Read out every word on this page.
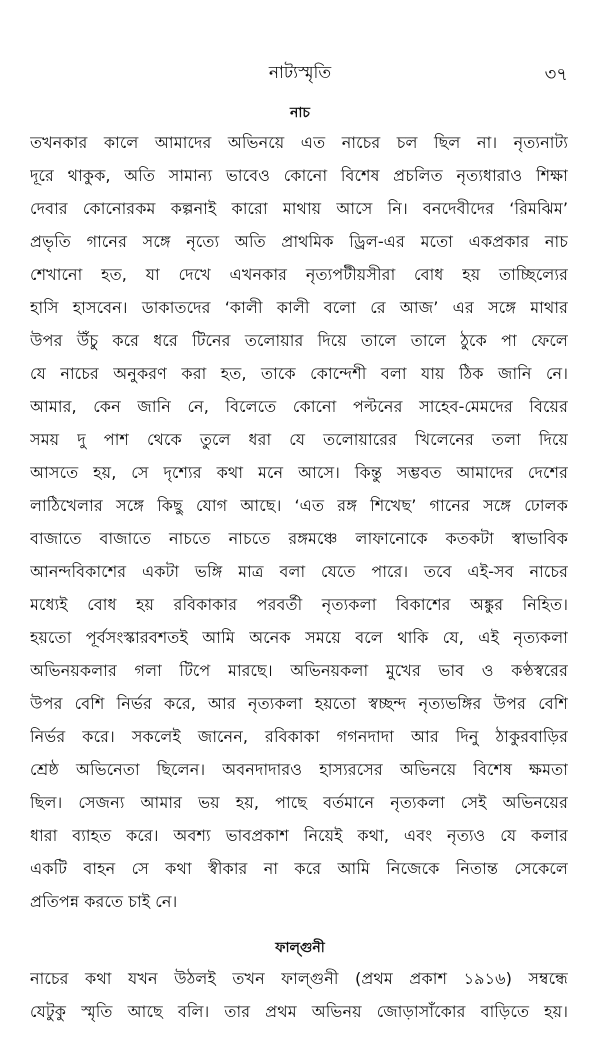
নাট্যস্মৃতি	৩৭
নাচ
তখনকার কালে আমাদের অভিনয়ে এত নাচের চল ছিল না। নৃত্যনাট্য
দূরে থাকুক, অতি সামান্য ভাবেও কোনো বিশেষ প্রচলিত নৃত্যধারাও শিক্ষা
দেবার কোনোরকম কল্পনাই কারো মাথায় আসে নি। বনদেবীদের ‘রিমঝিম’
প্রভৃতি গানের সঙ্গে নৃত্যে অতি প্রাথমিক ড্রিল-এর মতো একপ্রকার নাচ
শেখানো হত, যা দেখে এখনকার নৃত্যপটীয়সীরা বোধ হয় তাচ্ছিল্যের
হাসি হাসবেন। ডাকাতদের ‘কালী কালী বলো রে আজ’ এর সঙ্গে মাথার
উপর উঁচু করে ধরে টিনের তলোয়ার দিয়ে তালে তালে ঠুকে পা ফেলে
যে নাচের অনুকরণ করা হত, তাকে কোন্দেশী বলা যায় ঠিক জানি নে।
আমার, কেন জানি নে, বিলেতে কোনো পল্টনের সাহেব-মেমদের বিয়ের
সময় দু পাশ থেকে তুলে ধরা যে তলোয়ারের খিলেনের তলা দিয়ে
আসতে হয়, সে দৃশ্যের কথা মনে আসে। কিন্তু সম্ভবত আমাদের দেশের
লাঠিখেলার সঙ্গে কিছু যোগ আছে। ‘এত রঙ্গ শিখেছ’ গানের সঙ্গে ঢোলক
বাজাতে বাজাতে নাচতে নাচতে রঙ্গমঞ্চে লাফানোকে কতকটা স্বাভাবিক
আনন্দবিকাশের একটা ভঙ্গি মাত্র বলা যেতে পারে। তবে এই-সব নাচের
মধ্যেই বোধ হয় রবিকাকার পরবর্তী নৃত্যকলা বিকাশের অঙ্কুর নিহিত।
হয়তো পূর্বসংস্কারবশতই আমি অনেক সময়ে বলে থাকি যে, এই নৃত্যকলা
অভিনয়কলার গলা টিপে মারছে। অভিনয়কলা মুখের ভাব ও কণ্ঠস্বরের
উপর বেশি নির্ভর করে, আর নৃত্যকলা হয়তো স্বচ্ছন্দ নৃত্যভঙ্গির উপর বেশি
নির্ভর করে। সকলেই জানেন, রবিকাকা গগনদাদা আর দিনু ঠাকুরবাড়ির
শ্রেষ্ঠ অভিনেতা ছিলেন। অবনদাদারও হাস্যরসের অভিনয়ে বিশেষ ক্ষমতা
ছিল। সেজন্য আমার ভয় হয়, পাছে বর্তমানে নৃত্যকলা সেই অভিনয়ের
ধারা ব্যাহত করে। অবশ্য ভাবপ্রকাশ নিয়েই কথা, এবং নৃত্যও যে কলার
একটি বাহন সে কথা স্বীকার না করে আমি নিজেকে নিতান্ত সেকেলে
প্রতিপন্ন করতে চাই নে।
ফাল্গুনী
নাচের কথা যখন উঠলই তখন ফাল্গুনী (প্রথম প্রকাশ ১৯১৬) সম্বন্ধে
যেটুকু স্মৃতি আছে বলি। তার প্রথম অভিনয় জোড়াসাঁকোর বাড়িতে হয়।
